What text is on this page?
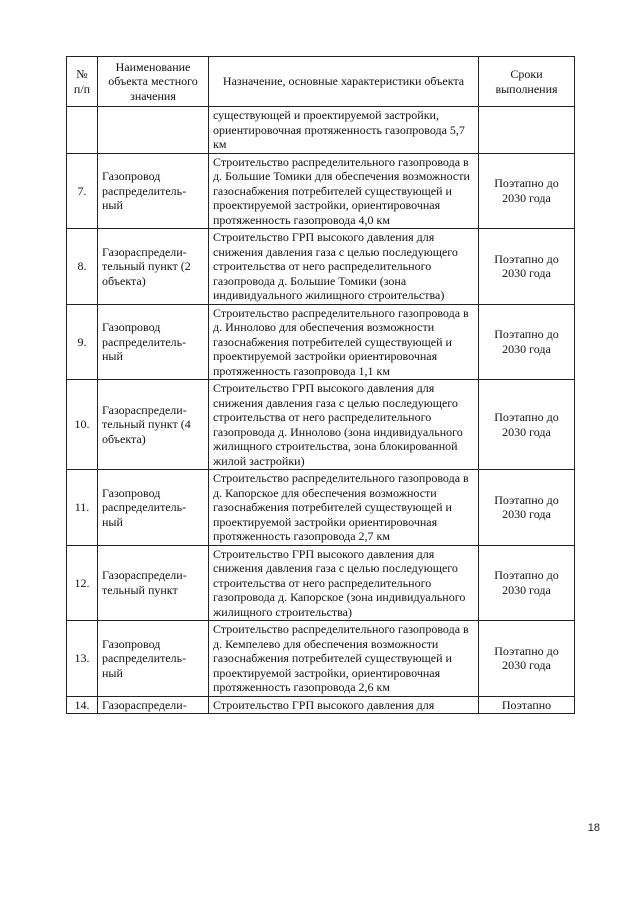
№ п/п	Наименование объекта местного значения	Назначение, основные характеристики объекта	Сроки выполнения
		существующей и проектируемой застройки, ориентировочная протяженность газопровода 5,7 км	
7.	Газопровод распределитель-ный	Строительство распределительного газопровода в д. Большие Томики для обеспечения возможности газоснабжения потребителей существующей и проектируемой застройки, ориентировочная протяженность газопровода 4,0 км	Поэтапно до 2030 года
8.	Газораспредели-тельный пункт (2 объекта)	Строительство ГРП высокого давления для снижения давления газа с целью последующего строительства от него распределительного газопровода д. Большие Томики (зона индивидуального жилищного строительства)	Поэтапно до 2030 года
9.	Газопровод распределитель-ный	Строительство распределительного газопровода в д. Иннолово для обеспечения возможности газоснабжения потребителей существующей и проектируемой застройки ориентировочная протяженность газопровода 1,1 км	Поэтапно до 2030 года
10.	Газораспредели-тельный пункт (4 объекта)	Строительство ГРП высокого давления для снижения давления газа с целью последующего строительства от него распределительного газопровода д. Иннолово (зона индивидуального жилищного строительства, зона блокированной жилой застройки)	Поэтапно до 2030 года
11.	Газопровод распределитель-ный	Строительство распределительного газопровода в д. Капорское для обеспечения возможности газоснабжения потребителей существующей и проектируемой застройки ориентировочная протяженность газопровода 2,7 км	Поэтапно до 2030 года
12.	Газораспредели-тельный пункт	Строительство ГРП высокого давления для снижения давления газа с целью последующего строительства от него распределительного газопровода д. Капорское (зона индивидуального жилищного строительства)	Поэтапно до 2030 года
13.	Газопровод распределитель-ный	Строительство распределительного газопровода в д. Кемпелево для обеспечения возможности газоснабжения потребителей существующей и проектируемой застройки, ориентировочная протяженность газопровода 2,6 км	Поэтапно до 2030 года
14.	Газораспредели-	Строительство ГРП высокого давления для	Поэтапно
18
